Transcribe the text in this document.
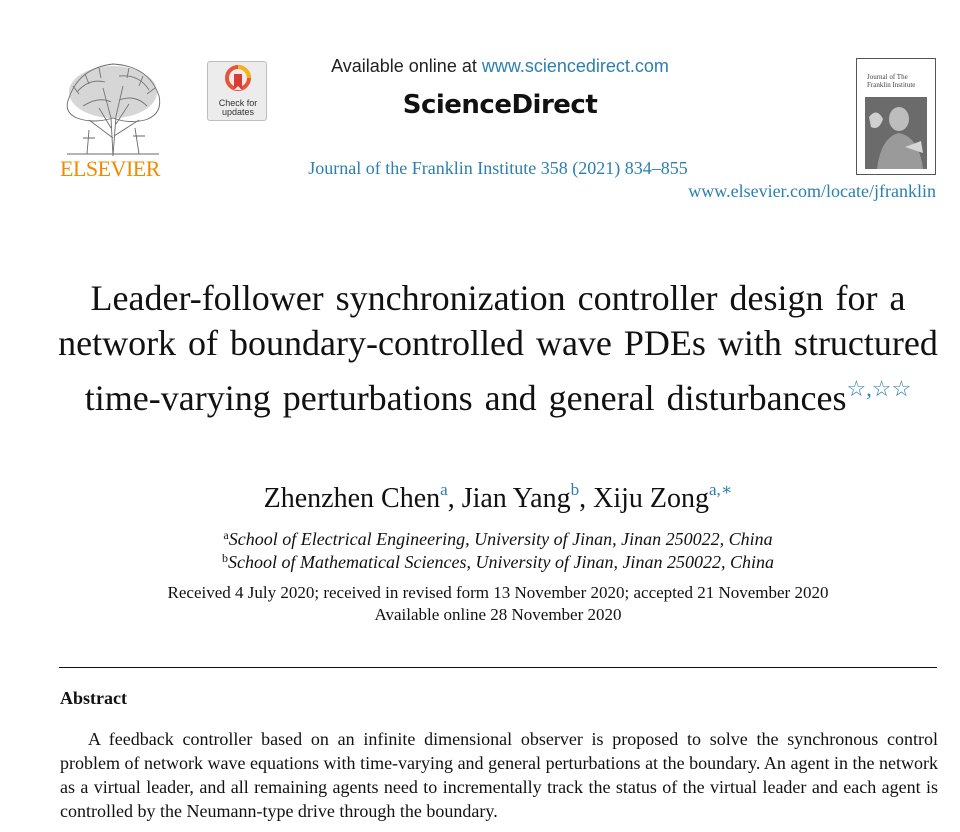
ELSEVIER
Check for updates
Available online at www.sciencedirect.com
ScienceDirect
Journal of the Franklin Institute 358 (2021) 834–855
www.elsevier.com/locate/jfranklin
Journal of The Franklin Institute
Leader-follower synchronization controller design for a network of boundary-controlled wave PDEs with structured time-varying perturbations and general disturbances☆,☆☆
Zhenzhen Chen$^a$, Jian Yang$^b$, Xiju Zong$^{a,∗}$
$^a$School of Electrical Engineering, University of Jinan, Jinan 250022, China
$^b$School of Mathematical Sciences, University of Jinan, Jinan 250022, China
Received 4 July 2020; received in revised form 13 November 2020; accepted 21 November 2020
Available online 28 November 2020
Abstract
A feedback controller based on an infinite dimensional observer is proposed to solve the synchronous control problem of network wave equations with time-varying and general perturbations at the boundary. An agent in the network as a virtual leader, and all remaining agents need to incrementally track the status of the virtual leader and each agent is controlled by the Neumann-type drive through the boundary.
